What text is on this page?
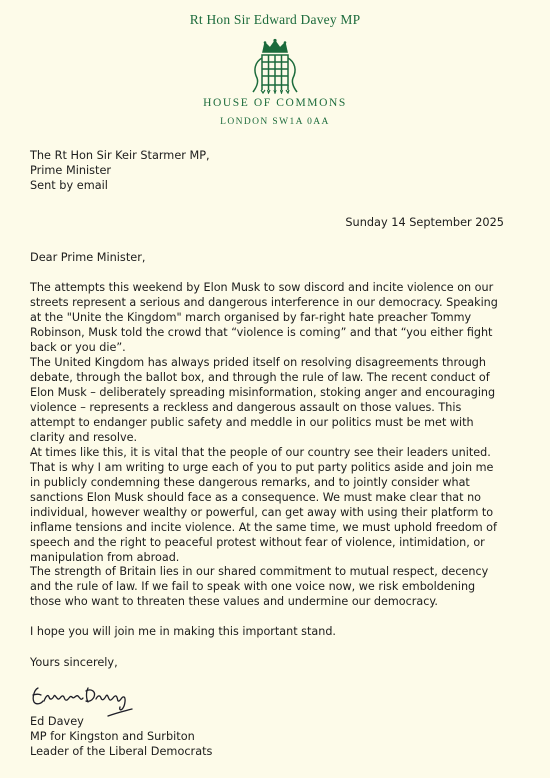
Rt Hon Sir Edward Davey MP
HOUSE OF COMMONS
LONDON SW1A 0AA
The Rt Hon Sir Keir Starmer MP,
Prime Minister
Sent by email
Sunday 14 September 2025
Dear Prime Minister,
The attempts this weekend by Elon Musk to sow discord and incite violence on our streets represent a serious and dangerous interference in our democracy. Speaking at the "Unite the Kingdom" march organised by far-right hate preacher Tommy Robinson, Musk told the crowd that “violence is coming” and that “you either fight back or you die”.
The United Kingdom has always prided itself on resolving disagreements through debate, through the ballot box, and through the rule of law. The recent conduct of Elon Musk – deliberately spreading misinformation, stoking anger and encouraging violence – represents a reckless and dangerous assault on those values. This attempt to endanger public safety and meddle in our politics must be met with clarity and resolve.
At times like this, it is vital that the people of our country see their leaders united. That is why I am writing to urge each of you to put party politics aside and join me in publicly condemning these dangerous remarks, and to jointly consider what sanctions Elon Musk should face as a consequence. We must make clear that no individual, however wealthy or powerful, can get away with using their platform to inflame tensions and incite violence. At the same time, we must uphold freedom of speech and the right to peaceful protest without fear of violence, intimidation, or manipulation from abroad.
The strength of Britain lies in our shared commitment to mutual respect, decency and the rule of law. If we fail to speak with one voice now, we risk emboldening those who want to threaten these values and undermine our democracy.
I hope you will join me in making this important stand.
Yours sincerely,
Ed Davey
MP for Kingston and Surbiton
Leader of the Liberal Democrats
